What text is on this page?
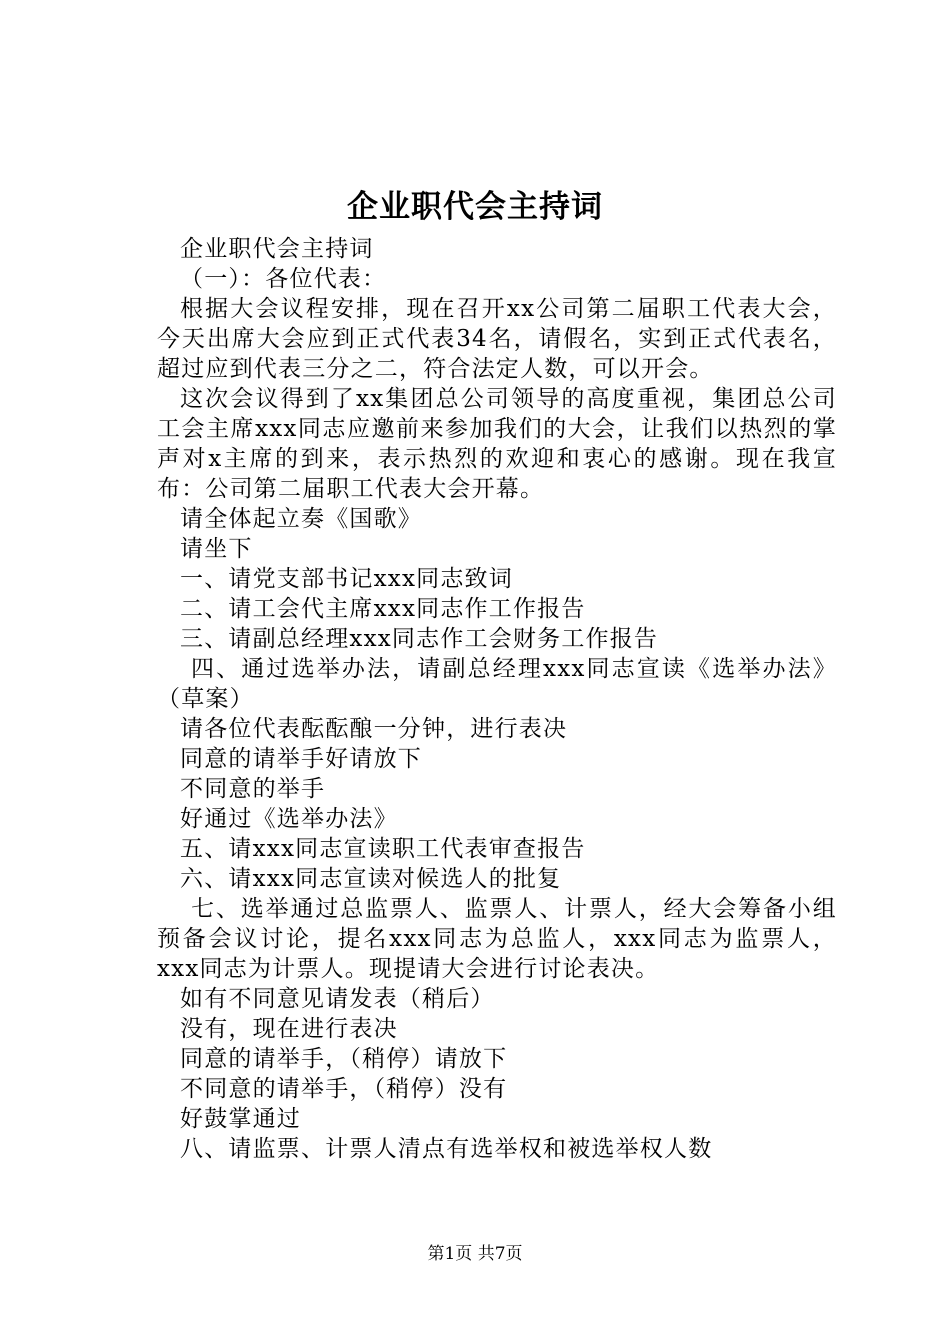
企业职代会主持词

企业职代会主持词

（一）：各位代表：

根据大会议程安排，现在召开xx公司第二届职工代表大会，今天出席大会应到正式代表34名，请假名，实到正式代表名，超过应到代表三分之二，符合法定人数，可以开会。

这次会议得到了xx集团总公司领导的高度重视，集团总公司工会主席xxx同志应邀前来参加我们的大会，让我们以热烈的掌声对x主席的到来，表示热烈的欢迎和衷心的感谢。现在我宣布：公司第二届职工代表大会开幕。

请全体起立奏《国歌》

请坐下

一、请党支部书记xxx同志致词

二、请工会代主席xxx同志作工作报告

三、请副总经理xxx同志作工会财务工作报告

四、通过选举办法，请副总经理xxx同志宣读《选举办法》（草案）

请各位代表酝酝酿一分钟，进行表决

同意的请举手好请放下

不同意的举手

好通过《选举办法》

五、请xxx同志宣读职工代表审查报告

六、请xxx同志宣读对候选人的批复

七、选举通过总监票人、监票人、计票人，经大会筹备小组预备会议讨论，提名xxx同志为总监人，xxx同志为监票人，xxx同志为计票人。现提请大会进行讨论表决。

如有不同意见请发表（稍后）

没有，现在进行表决

同意的请举手，（稍停）请放下

不同意的请举手，（稍停）没有

好鼓掌通过

八、请监票、计票人清点有选举权和被选举权人数

第1页 共7页
